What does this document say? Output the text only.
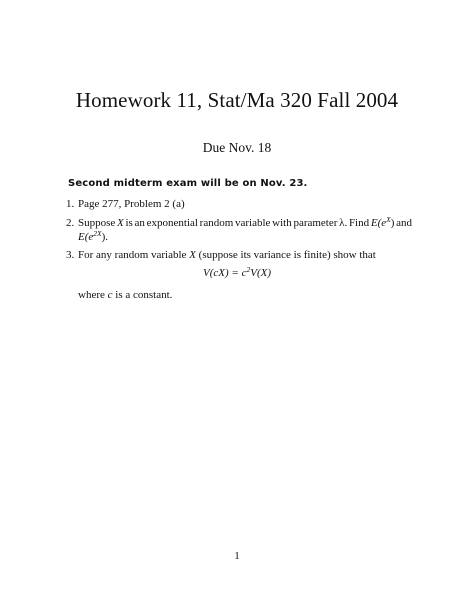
Homework 11, Stat/Ma 320 Fall 2004
Due Nov. 18
Second midterm exam will be on Nov. 23.
1. Page 277, Problem 2 (a)
2. Suppose X is an exponential random variable with parameter λ. Find $E(e^X)$ and
$E(e^{2X})$.
3. For any random variable X (suppose its variance is finite) show that
$V(cX) = c^2V(X)$
where c is a constant.
1
